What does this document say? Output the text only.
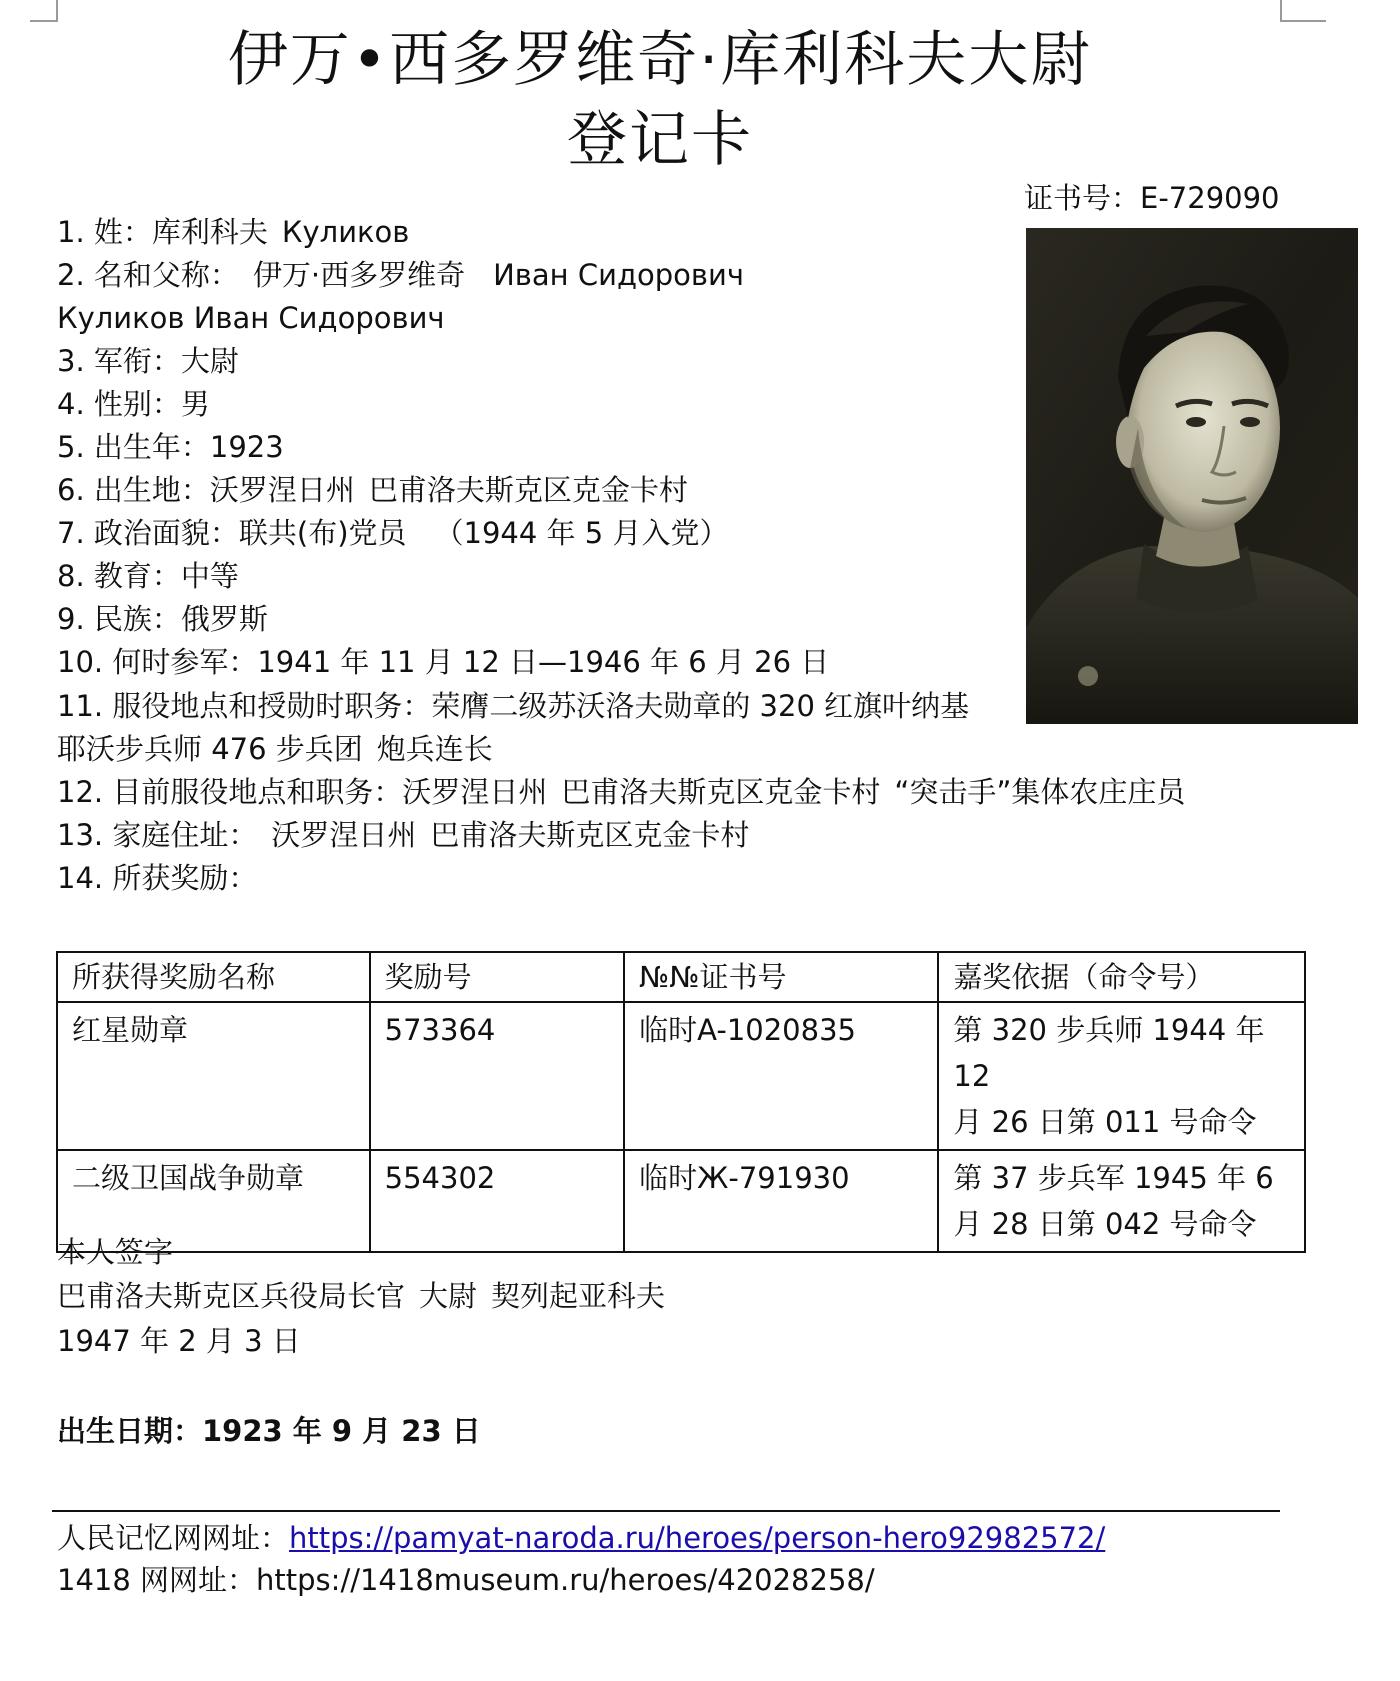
伊万•西多罗维奇·库利科夫大尉
登记卡
证书号：E-729090
1. 姓：库利科夫 Куликов
2. 名和父称： 伊万·西多罗维奇 Иван Сидорович
Куликов Иван Сидорович
3. 军衔：大尉
4. 性别：男
5. 出生年：1923
6. 出生地：沃罗涅日州 巴甫洛夫斯克区克金卡村
7. 政治面貌：联共(布)党员 （1944 年 5 月入党）
8. 教育：中等
9. 民族：俄罗斯
10. 何时参军：1941 年 11 月 12 日—1946 年 6 月 26 日
11. 服役地点和授勋时职务：荣膺二级苏沃洛夫勋章的 320 红旗叶纳基
耶沃步兵师 476 步兵团 炮兵连长
12. 目前服役地点和职务：沃罗涅日州 巴甫洛夫斯克区克金卡村 “突击手”集体农庄庄员
13. 家庭住址： 沃罗涅日州 巴甫洛夫斯克区克金卡村
14. 所获奖励：
所获得奖励名称	奖励号	№№证书号	嘉奖依据（命令号）
红星勋章	573364	临时A-1020835	第 320 步兵师 1944 年 12
月 26 日第 011 号命令

二级卫国战争勋章	554302	临时Ж-791930	第 37 步兵军 1945 年 6
月 28 日第 042 号命令
本人签字
巴甫洛夫斯克区兵役局长官 大尉 契列起亚科夫
1947 年 2 月 3 日
出生日期：1923 年 9 月 23 日
人民记忆网网址：https://pamyat-naroda.ru/heroes/person-hero92982572/
1418 网网址：https://1418museum.ru/heroes/42028258/
